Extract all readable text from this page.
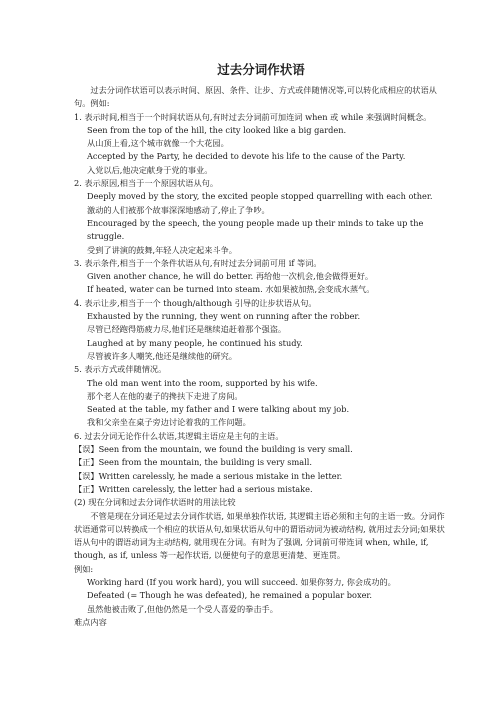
过去分词作状语

过去分词作状语可以表示时间、原因、条件、让步、方式或伴随情况等,可以转化成相应的状语从句。例如:

1. 表示时间,相当于一个时间状语从句,有时过去分词前可加连词 when 或 while 来强调时间概念。

Seen from the top of the hill, the city looked like a big garden.

从山顶上看,这个城市就像一个大花园。

Accepted by the Party, he decided to devote his life to the cause of the Party.

入党以后,他决定献身于党的事业。

2. 表示原因,相当于一个原因状语从句。

Deeply moved by the story, the excited people stopped quarrelling with each other.

激动的人们被那个故事深深地感动了,停止了争吵。

Encouraged by the speech, the young people made up their minds to take up the struggle.

受到了讲演的鼓舞,年轻人决定起来斗争。

3. 表示条件,相当于一个条件状语从句,有时过去分词前可用 if 等词。

Given another chance, he will do better. 再给他一次机会,他会做得更好。

If heated, water can be turned into steam. 水如果被加热,会变成水蒸气。

4. 表示让步,相当于一个 though/although 引导的让步状语从句。

Exhausted by the running, they went on running after the robber.

尽管已经跑得筋疲力尽,他们还是继续追赶着那个强盗。

Laughed at by many people, he continued his study.

尽管被许多人嘲笑,他还是继续他的研究。

5. 表示方式或伴随情况。

The old man went into the room, supported by his wife.

那个老人在他的妻子的搀扶下走进了房间。

Seated at the table, my father and I were talking about my job.

我和父亲坐在桌子旁边讨论着我的工作问题。

6. 过去分词无论作什么状语,其逻辑主语应是主句的主语。

【误】Seen from the mountain, we found the building is very small.

【正】Seen from the mountain, the building is very small.

【误】Written carelessly, he made a serious mistake in the letter.

【正】Written carelessly, the letter had a serious mistake.

(2) 现在分词和过去分词作状语时的用法比较

不管是现在分词还是过去分词作状语, 如果单独作状语, 其逻辑主语必须和主句的主语一致。分词作状语通常可以转换成一个相应的状语从句,如果状语从句中的谓语动词为被动结构, 就用过去分词;如果状语从句中的谓语动词为主动结构, 就用现在分词。有时为了强调, 分词前可带连词 when, while, if, though, as if, unless 等一起作状语, 以便使句子的意思更清楚、更连贯。

例如:

Working hard (If you work hard), you will succeed. 如果你努力, 你会成功的。

Defeated (= Though he was defeated), he remained a popular boxer.

虽然他被击败了,但他仍然是一个受人喜爱的拳击手。

难点内容
